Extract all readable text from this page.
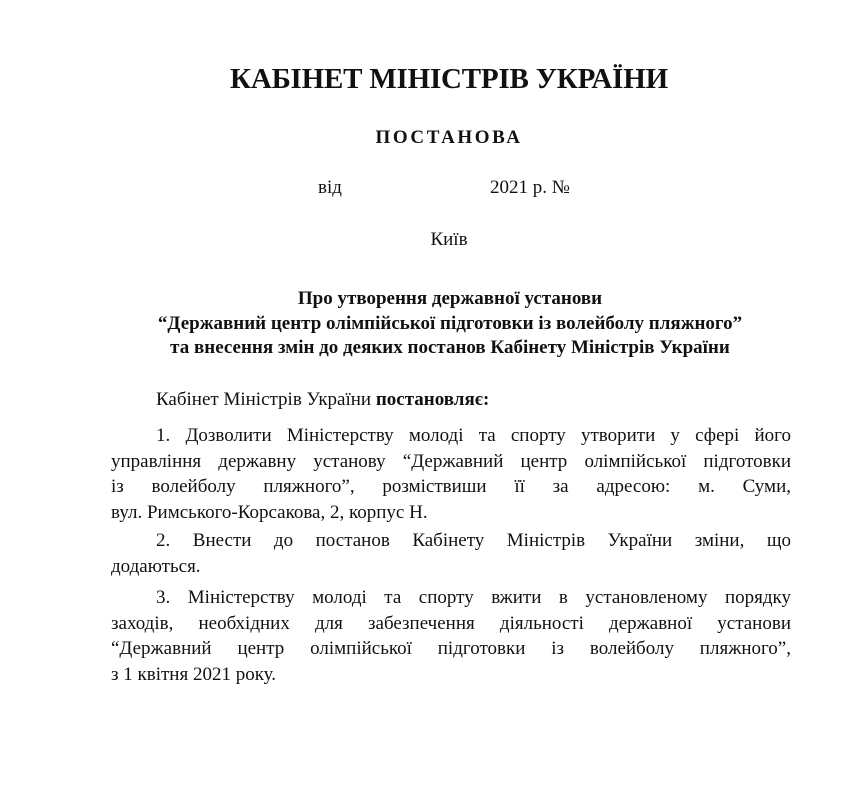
КАБІНЕТ МІНІСТРІВ УКРАЇНИ
ПОСТАНОВА
від	2021 р. №
Київ
Про утворення державної установи
“Державний центр олімпійської підготовки із волейболу пляжного”
та внесення змін до деяких постанов Кабінету Міністрів України
Кабінет Міністрів України постановляє:
1. Дозволити Міністерству молоді та спорту утворити у сфері його
управління державну установу “Державний центр олімпійської підготовки
із волейболу пляжного”, розміствиши її за адресою: м. Суми,
вул. Римського-Корсакова, 2, корпус Н.
2. Внести до постанов Кабінету Міністрів України зміни, що
додаються.
3. Міністерству молоді та спорту вжити в установленому порядку
заходів, необхідних для забезпечення діяльності державної установи
“Державний центр олімпійської підготовки із волейболу пляжного”,
з 1 квітня 2021 року.
